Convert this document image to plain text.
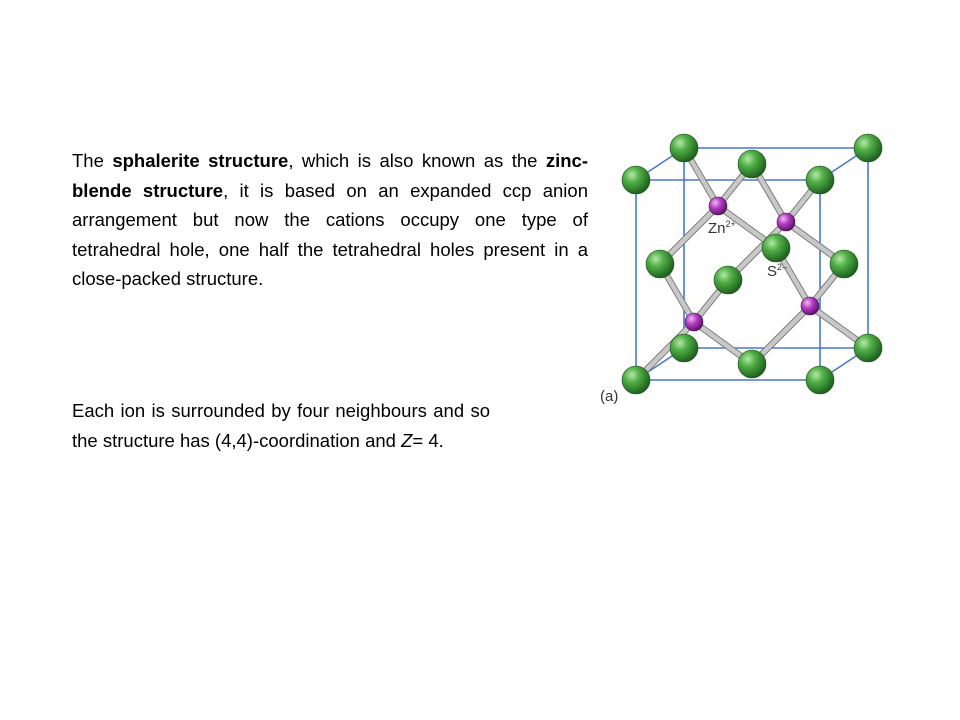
The sphalerite structure, which is also known as the zinc-blende structure, it is based on an expanded ccp anion arrangement but now the cations occupy one type of tetrahedral hole, one half the tetrahedral holes present in a close-packed structure.

Each ion is surrounded by four neighbours and so the structure has (4,4)-coordination and Z= 4.

$Zn^{2+}$
$S^{2-}$
(a)
